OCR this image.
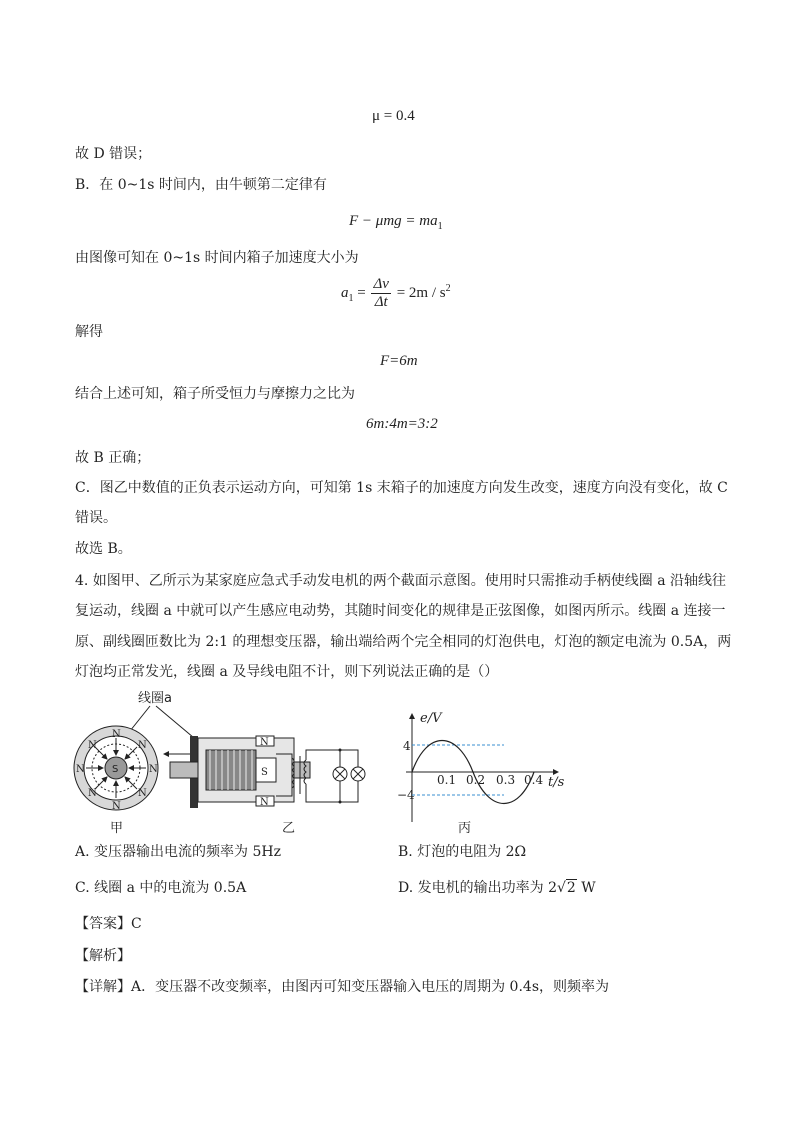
μ = 0.4
故 D 错误；
B．在 0~1s 时间内，由牛顿第二定律有
$F - \mu mg = ma_1$
由图像可知在 0~1s 时间内箱子加速度大小为
$a_1 = \frac{\Delta v}{\Delta t} = 2m / s^2$
解得
F=6m
结合上述可知，箱子所受恒力与摩擦力之比为
6m:4m=3:2
故 B 正确；
C．图乙中数值的正负表示运动方向，可知第 1s 末箱子的加速度方向发生改变，速度方向没有变化，故 C
错误。
故选 B。
4. 如图甲、乙所示为某家庭应急式手动发电机的两个截面示意图。使用时只需推动手柄使线圈 a 沿轴线往
复运动，线圈 a 中就可以产生感应电动势，其随时间变化的规律是正弦图像，如图丙所示。线圈 a 连接一
原、副线圈匝数比为 2:1 的理想变压器，输出端给两个完全相同的灯泡供电，灯泡的额定电流为 0.5A，两
灯泡均正常发光，线圈 a 及导线电阻不计，则下列说法正确的是（）
线圈a
S
N
N
N	N
N	N
N	N
S
N
N
甲	乙	丙
e/V
t/s
4
−4
0.1 0.2 0.3 0.4
A. 变压器输出电流的频率为 5Hz	B. 灯泡的电阻为 2Ω
C. 线圈 a 中的电流为 0.5A	D. 发电机的输出功率为 2√2 W
【答案】C
【解析】
【详解】A．变压器不改变频率，由图丙可知变压器输入电压的周期为 0.4s，则频率为
